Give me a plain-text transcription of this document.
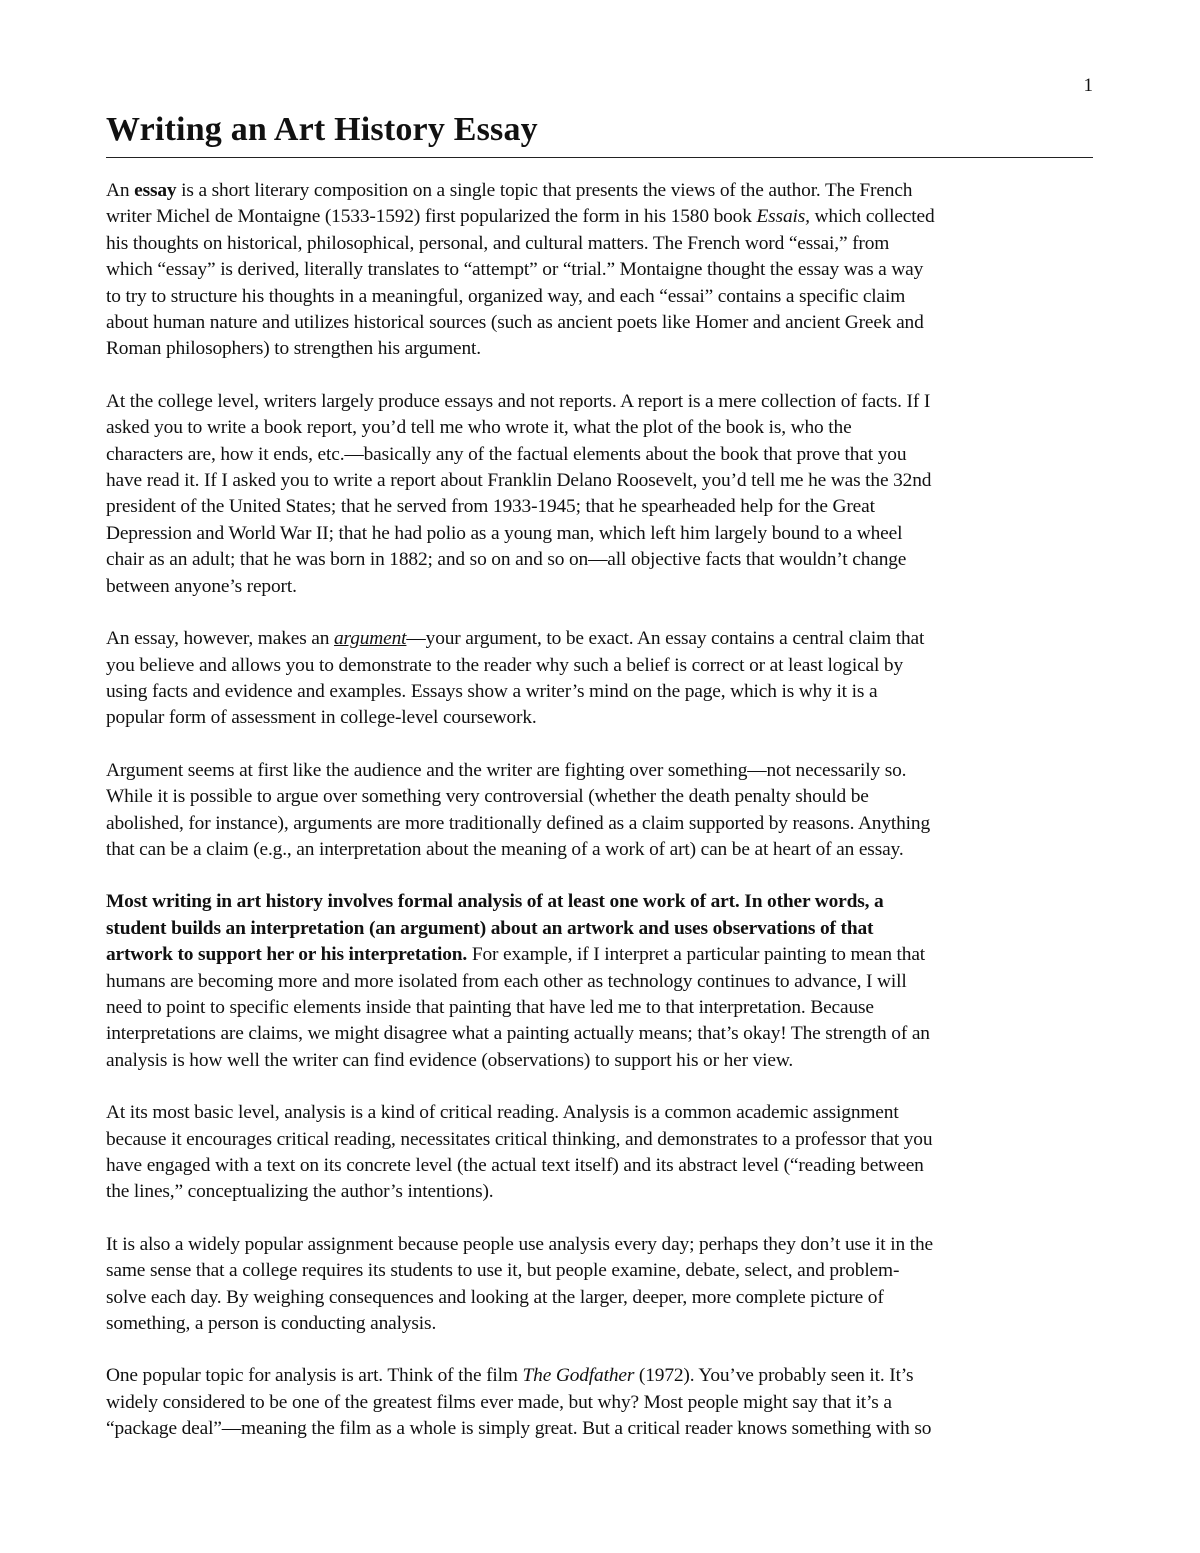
1
Writing an Art History Essay

An essay is a short literary composition on a single topic that presents the views of the author. The French
writer Michel de Montaigne (1533-1592) first popularized the form in his 1580 book Essais, which collected
his thoughts on historical, philosophical, personal, and cultural matters. The French word “essai,” from
which “essay” is derived, literally translates to “attempt” or “trial.” Montaigne thought the essay was a way
to try to structure his thoughts in a meaningful, organized way, and each “essai” contains a specific claim
about human nature and utilizes historical sources (such as ancient poets like Homer and ancient Greek and
Roman philosophers) to strengthen his argument.

At the college level, writers largely produce essays and not reports. A report is a mere collection of facts. If I
asked you to write a book report, you’d tell me who wrote it, what the plot of the book is, who the
characters are, how it ends, etc.—basically any of the factual elements about the book that prove that you
have read it. If I asked you to write a report about Franklin Delano Roosevelt, you’d tell me he was the 32nd
president of the United States; that he served from 1933-1945; that he spearheaded help for the Great
Depression and World War II; that he had polio as a young man, which left him largely bound to a wheel
chair as an adult; that he was born in 1882; and so on and so on—all objective facts that wouldn’t change
between anyone’s report.

An essay, however, makes an argument—your argument, to be exact. An essay contains a central claim that
you believe and allows you to demonstrate to the reader why such a belief is correct or at least logical by
using facts and evidence and examples. Essays show a writer’s mind on the page, which is why it is a
popular form of assessment in college-level coursework.

Argument seems at first like the audience and the writer are fighting over something—not necessarily so.
While it is possible to argue over something very controversial (whether the death penalty should be
abolished, for instance), arguments are more traditionally defined as a claim supported by reasons. Anything
that can be a claim (e.g., an interpretation about the meaning of a work of art) can be at heart of an essay.

Most writing in art history involves formal analysis of at least one work of art. In other words, a
student builds an interpretation (an argument) about an artwork and uses observations of that
artwork to support her or his interpretation. For example, if I interpret a particular painting to mean that
humans are becoming more and more isolated from each other as technology continues to advance, I will
need to point to specific elements inside that painting that have led me to that interpretation. Because
interpretations are claims, we might disagree what a painting actually means; that’s okay! The strength of an
analysis is how well the writer can find evidence (observations) to support his or her view.

At its most basic level, analysis is a kind of critical reading. Analysis is a common academic assignment
because it encourages critical reading, necessitates critical thinking, and demonstrates to a professor that you
have engaged with a text on its concrete level (the actual text itself) and its abstract level (“reading between
the lines,” conceptualizing the author’s intentions).

It is also a widely popular assignment because people use analysis every day; perhaps they don’t use it in the
same sense that a college requires its students to use it, but people examine, debate, select, and problem-
solve each day. By weighing consequences and looking at the larger, deeper, more complete picture of
something, a person is conducting analysis.

One popular topic for analysis is art. Think of the film The Godfather (1972). You’ve probably seen it. It’s
widely considered to be one of the greatest films ever made, but why? Most people might say that it’s a
“package deal”—meaning the film as a whole is simply great. But a critical reader knows something with so
